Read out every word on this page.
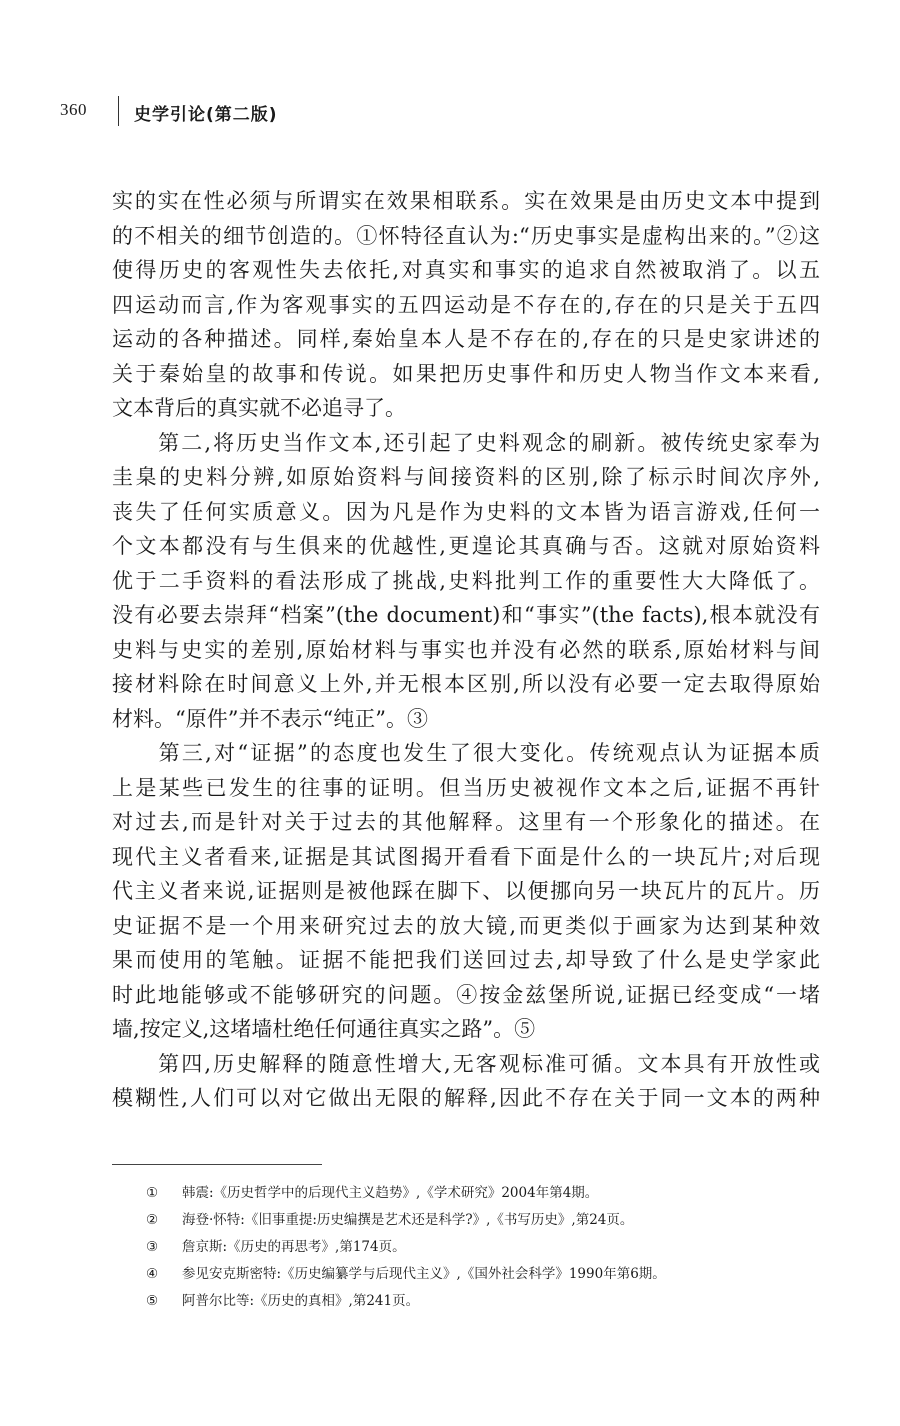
360	史学引论(第二版)
实的实在性必须与所谓实在效果相联系。实在效果是由历史文本中提到
的不相关的细节创造的。①怀特径直认为:“历史事实是虚构出来的。”②这
使得历史的客观性失去依托,对真实和事实的追求自然被取消了。以五
四运动而言,作为客观事实的五四运动是不存在的,存在的只是关于五四
运动的各种描述。同样,秦始皇本人是不存在的,存在的只是史家讲述的
关于秦始皇的故事和传说。如果把历史事件和历史人物当作文本来看,
文本背后的真实就不必追寻了。
　　第二,将历史当作文本,还引起了史料观念的刷新。被传统史家奉为
圭臬的史料分辨,如原始资料与间接资料的区别,除了标示时间次序外,
丧失了任何实质意义。因为凡是作为史料的文本皆为语言游戏,任何一
个文本都没有与生俱来的优越性,更遑论其真确与否。这就对原始资料
优于二手资料的看法形成了挑战,史料批判工作的重要性大大降低了。
没有必要去崇拜“档案”(the document)和“事实”(the facts),根本就没有
史料与史实的差别,原始材料与事实也并没有必然的联系,原始材料与间
接材料除在时间意义上外,并无根本区别,所以没有必要一定去取得原始
材料。“原件”并不表示“纯正”。③
　　第三,对“证据”的态度也发生了很大变化。传统观点认为证据本质
上是某些已发生的往事的证明。但当历史被视作文本之后,证据不再针
对过去,而是针对关于过去的其他解释。这里有一个形象化的描述。在
现代主义者看来,证据是其试图揭开看看下面是什么的一块瓦片;对后现
代主义者来说,证据则是被他踩在脚下、以便挪向另一块瓦片的瓦片。历
史证据不是一个用来研究过去的放大镜,而更类似于画家为达到某种效
果而使用的笔触。证据不能把我们送回过去,却导致了什么是史学家此
时此地能够或不能够研究的问题。④按金兹堡所说,证据已经变成“一堵
墙,按定义,这堵墙杜绝任何通往真实之路”。⑤
　　第四,历史解释的随意性增大,无客观标准可循。文本具有开放性或
模糊性,人们可以对它做出无限的解释,因此不存在关于同一文本的两种
① 韩震:《历史哲学中的后现代主义趋势》,《学术研究》2004年第4期。
② 海登·怀特:《旧事重提:历史编撰是艺术还是科学?》,《书写历史》,第24页。
③ 詹京斯:《历史的再思考》,第174页。
④ 参见安克斯密特:《历史编纂学与后现代主义》,《国外社会科学》1990年第6期。
⑤ 阿普尔比等:《历史的真相》,第241页。
